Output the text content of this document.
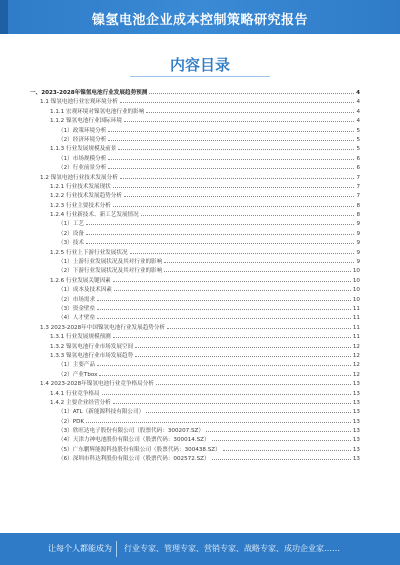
镍氢电池企业成本控制策略研究报告
内容目录
一、2023-2028年镍氢电池行业发展趋势预测	4
1.1 镍氢电池行业宏观环境分析	4
1.1.1 宏观环境对镍氢电池行业的影响	4
1.1.2 镍氢电池行业国际环境	4
（1）政策环境分析	5
（2）经济环境分析	5
1.1.3 行业发展规模及前景	5
（1）市场规模分析	6
（2）行业前景分析	6
1.2 镍氢电池行业技术发展分析	7
1.2.1 行业技术发展现状	7
1.2.2 行业技术发展趋势分析	7
1.2.3 行业主要技术分析	8
1.2.4 行业新技术、新工艺发展情况	8
（1）工艺	9
（2）设备	9
（3）技术	9
1.2.5 行业上下游行业发展状况	9
（1）上游行业发展状况及其对行业的影响	9
（2）下游行业发展状况及其对行业的影响	10
1.2.6 行业发展关键因素	10
（1）成本及技术因素	10
（2）市场需求	10
（3）资金壁垒	11
（4）人才壁垒	11
1.3 2023-2028年中国镍氢电池行业发展趋势分析	11
1.3.1 行业发展规模预测	11
1.3.2 镍氢电池行业市场发展空间	12
1.3.3 镍氢电池行业市场发展趋势	12
（1）主要产品	12
（2）产业Tbox	12
1.4 2023-2028年镍氢电池行业竞争格局分析	13
1.4.1 行业竞争格局	13
1.4.2 主要企业经营分析	13
（1）ATL（新能源科技有限公司）	13
（2）PDK	13
（3）欣旺达电子股份有限公司（股票代码：300207.SZ）	13
（4）天津力神电池股份有限公司（股票代码：300014.SZ）	13
（5）广东鹏辉能源科技股份有限公司（股票代码：300438.SZ）	13
（6）深圳市科达利股份有限公司（股票代码：002572.SZ）	13
让每个人都能成为 行业专家、管理专家、营销专家、战略专家、成功企业家……
